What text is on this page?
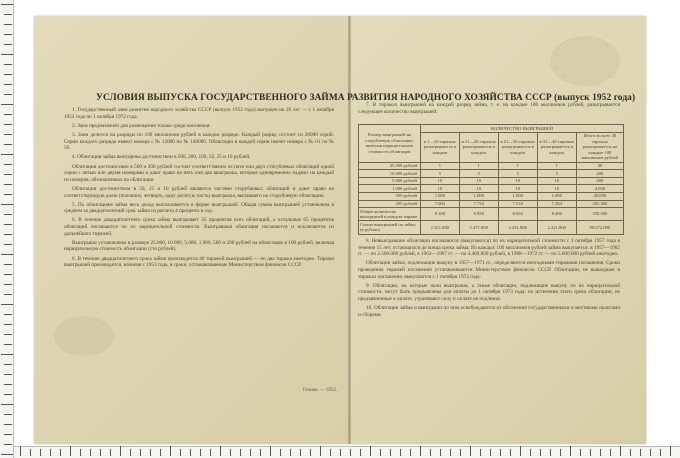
УСЛОВИЯ ВЫПУСКА ГОСУДАРСТВЕННОГО ЗАЙМА РАЗВИТИЯ НАРОДНОГО ХОЗЯЙСТВА СССР (выпуск 1952 года)

1. Государственный заем развития народного хозяйства СССР (выпуск 1952 года) выпущен на 20 лет — с 1 октября 1952 года по 1 октября 1972 года.

2. Заем предназначен для размещения только среди населения.

3. Заем делится на разряды по 100 миллионов рублей в каждом разряде. Каждый разряд состоит из 20000 серий. Серии каждого разряда имеют номера с № 12000 по № 140000. Облигации в каждой серии имеют номера с № 01 по № 50.

4. Облигации займа выпущены достоинством в 500, 200, 100, 50, 25 и 10 рублей.

Облигации достоинством в 500 и 200 рублей состоят соответственно из пяти или двух стórублевых облигаций одной серии с пятью или двумя номерами и дают право на пять или два выигрыша, которые одновременно падают на каждый из номеров, обозначенных на облигации.

Облигации достоинством в 50, 25 и 10 рублей являются частями сторублевых облигаций и дают право на соответствующую долю (половину, четверть, одну десятую часть) выигрыша, выпавшего на сторублевую облигацию.

5. По облигациям займа весь доход выплачивается в форме выигрышей. Общая сумма выигрышей установлена в среднем за двадцатилетний срок займа из расчета 4 процента в год.

6. В течение двадцатилетнего срока займа выигрывает 35 процентов всех облигаций, а остальные 65 процентов облигаций погашаются по их нарицательной стоимости. Выигравшая облигация погашается и исключается из дальнейших тиражей.

Выигрыши установлены в размере 25.000, 10.000, 5.000, 1.000, 500 и 200 рублей на облигацию в 100 рублей, включая нарицательную стоимость облигации (сто рублей).

6. В течение двадцатилетнего срока займа производится 40 тиражей выигрышей — по два тиража ежегодно. Тиражи выигрышей производятся, начиная с 1953 года, в сроки, устанавливаемые Министерством финансов СССР.

7. В тиражах выигрышей на каждый разряд займа, т. е. на каждые 100 миллионов рублей, разыгрывается следующее количество выигрышей:

Размер выигрышей на сторублевую облигацию, включая нарицательную стоимость облигации	КОЛИЧЕСТВО ВЫИГРЫШЕЙ				
	в 1—10 тиражах разыгрывается в каждом	в 11—20 тиражах разыгрывается в каждом	в 21—30 тиражах разыгрывается в каждом	в 31—40 тиражах разыгрывается в каждом	Итого во всех 40 тиражах разыгрывается на каждые 100 миллионов рублей
25.000 рублей	1	1	1	1	40
10.000 рублей	5	5	5	5	200
5.000 рублей	10	10	10	10	400
1.000 рублей	10	10	10	10	4.000
500 рублей	1.000	1.000	1.000	1.000	40.000
200 рублей	7.084	7.734	7.534	7.284	305.360
Общее количество выигрышей в каждом тираже	8.100	8.850	8.650	8.400	350.000
Сумма выигрышей по займу (в рублях)	2.321.800	2.271.800	2.231.800	2.221.800	90.072.000

8. Невыигравшие облигации погашаются (выкупаются) по их нарицательной стоимости с 1 октября 1957 года в течение 15 лет, остающихся до конца срока займа. Из каждых 100 миллионов рублей займа выкупается: в 1957—1962 гг. — по 2.500.000 рублей, в 1963—1967 гг. — по 4.400.000 рублей, в 1968—1972 гг. — по 5.600.000 рублей ежегодно.

Облигации займа, подлежащие выкупу в 1957—1971 гг., определяются ежегодными тиражами погашения. Сроки проведения тиражей погашения устанавливаются Министерством финансов СССР. Облигации, не вышедшие в тиражах погашения, выкупаются с 1 октября 1972 года.

9. Облигации, на которые пали выигрыши, а также облигации, подлежащие выкупу по их нарицательной стоимости, могут быть предъявлены для оплаты до 1 октября 1973 года; по истечении этого срока облигации, не предъявленные к оплате, утрачивают силу и оплате не подлежат.

10. Облигации займа и выигрыши по ним освобождаются от обложения государственными и местными налогами и сборами.

Гознак — 1952.
